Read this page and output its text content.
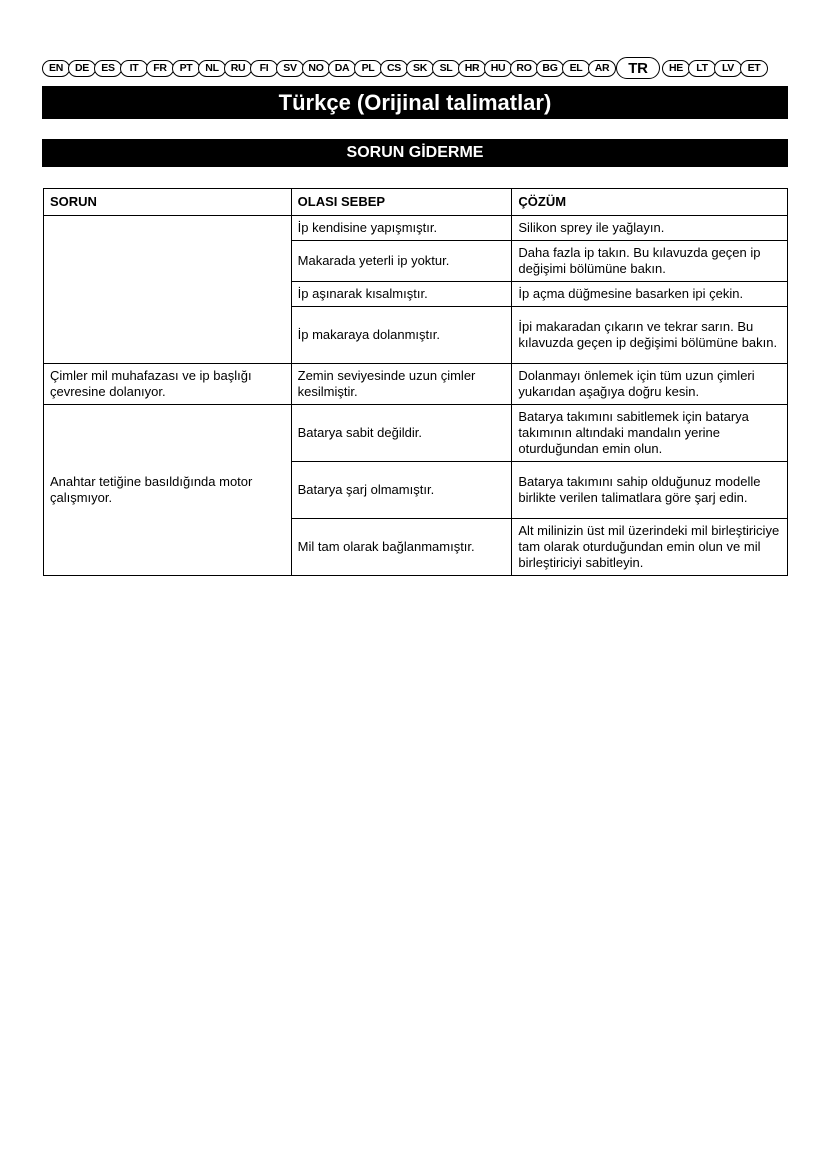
EN	DE	ES	IT	FR	PT	NL	RU	FI	SV	NO	DA	PL	CS	SK	SL	HR	HU	RO	BG	EL	AR	TR	HE	LT	LV	ET
Türkçe (Orijinal talimatlar)
SORUN GİDERME
SORUN	OLASI SEBEP	ÇÖZÜM
	İp kendisine yapışmıştır.	Silikon sprey ile yağlayın.
	Makarada yeterli ip yoktur.	Daha fazla ip takın. Bu kılavuzda geçen ip değişimi bölümüne bakın.
	İp aşınarak kısalmıştır.	İp açma düğmesine basarken ipi çekin.
	İp makaraya dolanmıştır.	İpi makaradan çıkarın ve tekrar sarın. Bu kılavuzda geçen ip değişimi bölümüne bakın.
Çimler mil muhafazası ve ip başlığı çevresine dolanıyor.	Zemin seviyesinde uzun çimler kesilmiştir.	Dolanmayı önlemek için tüm uzun çimleri yukarıdan aşağıya doğru kesin.
Anahtar tetiğine basıldığında motor çalışmıyor.	Batarya sabit değildir.	Batarya takımını sabitlemek için batarya takımının altındaki mandalın yerine oturduğundan emin olun.
	Batarya şarj olmamıştır.	Batarya takımını sahip olduğunuz modelle birlikte verilen talimatlara göre şarj edin.
	Mil tam olarak bağlanmamıştır.	Alt milinizin üst mil üzerindeki mil birleştiriciye tam olarak oturduğundan emin olun ve mil birleştiriciyi sabitleyin.
